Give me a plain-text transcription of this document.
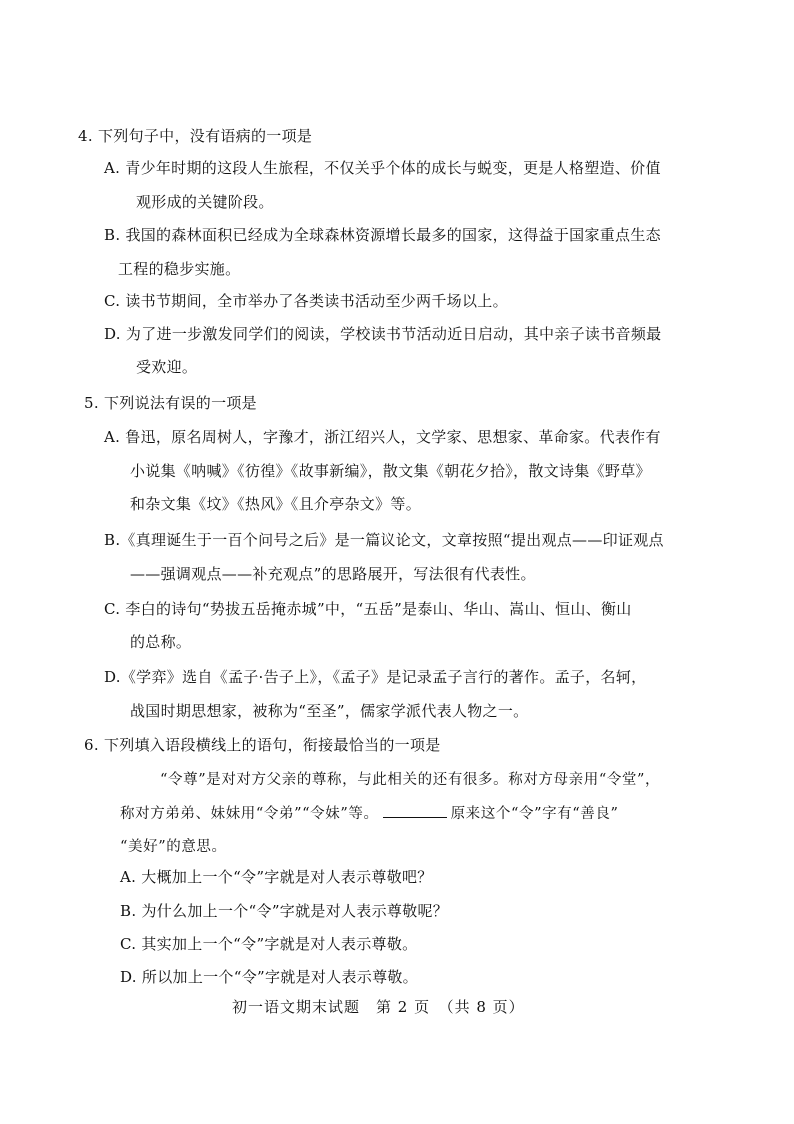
4. 下列句子中，没有语病的一项是
A. 青少年时期的这段人生旅程，不仅关乎个体的成长与蜕变，更是人格塑造、价值
观形成的关键阶段。
B. 我国的森林面积已经成为全球森林资源增长最多的国家，这得益于国家重点生态
工程的稳步实施。
C. 读书节期间，全市举办了各类读书活动至少两千场以上。
D. 为了进一步激发同学们的阅读，学校读书节活动近日启动，其中亲子读书音频最
受欢迎。
5. 下列说法有误的一项是
A. 鲁迅，原名周树人，字豫才，浙江绍兴人，文学家、思想家、革命家。代表作有
小说集《呐喊》《彷徨》《故事新编》，散文集《朝花夕拾》，散文诗集《野草》
和杂文集《坟》《热风》《且介亭杂文》等。
B.《真理诞生于一百个问号之后》是一篇议论文，文章按照“提出观点——印证观点
——强调观点——补充观点”的思路展开，写法很有代表性。
C. 李白的诗句“势拔五岳掩赤城”中，“五岳”是泰山、华山、嵩山、恒山、衡山
的总称。
D.《学弈》选自《孟子·告子上》，《孟子》是记录孟子言行的著作。孟子，名轲，
战国时期思想家，被称为“至圣”，儒家学派代表人物之一。
6. 下列填入语段横线上的语句，衔接最恰当的一项是
“令尊”是对对方父亲的尊称，与此相关的还有很多。称对方母亲用“令堂”，
称对方弟弟、妹妹用“令弟”“令妹”等。	原来这个“令”字有“善良”
“美好”的意思。
A. 大概加上一个“令”字就是对人表示尊敬吧？
B. 为什么加上一个“令”字就是对人表示尊敬呢？
C. 其实加上一个“令”字就是对人表示尊敬。
D. 所以加上一个“令”字就是对人表示尊敬。
初一语文期末试题　第 2 页　（共 8 页）
